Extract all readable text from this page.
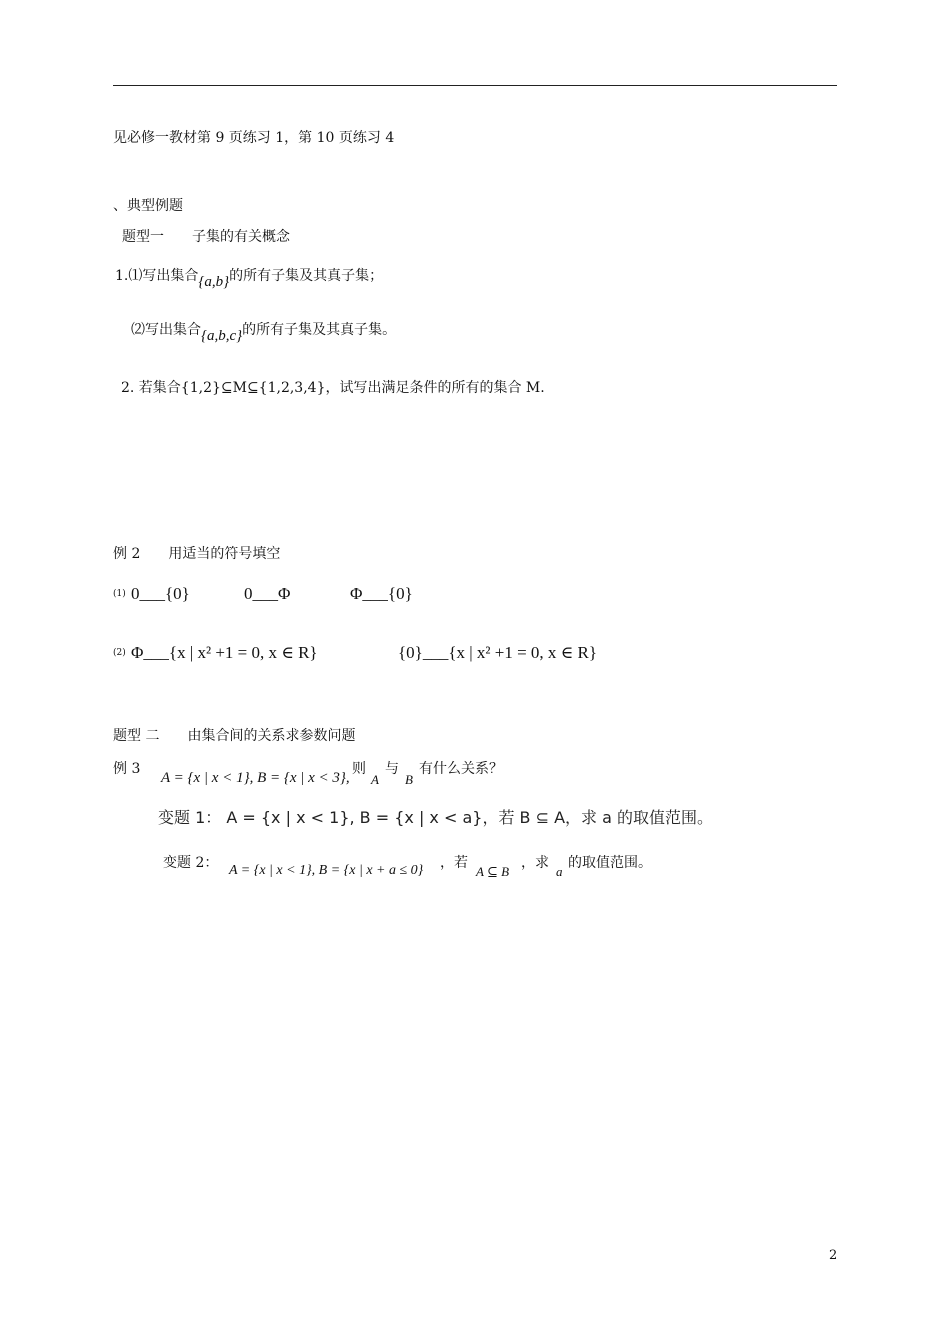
见必修一教材第 9 页练习 1，第 10 页练习 4
、典型例题
题型一　　子集的有关概念
1.⑴写出集合{a,b}的所有子集及其真子集；
⑵写出集合{a,b,c}的所有子集及其真子集。
2. 若集合{1,2}⊆M⊆{1,2,3,4}，试写出满足条件的所有的集合 M.
例 2　　用适当的符号填空
$^{(1)}$ 0___{0}	0___Φ	Φ___{0}
$^{(2)}$ Φ___{x | x² +1 = 0, x ∈ R}	{0}___{x | x² +1 = 0, x ∈ R}
题型 二　　由集合间的关系求参数问题
例 3
A = {x | x < 1}, B = {x | x < 3},
则
A
与
B
有什么关系？
变题 1： A = {x | x < 1}, B = {x | x < a}，若 B ⊆ A，求 a 的取值范围。
变题 2： A = {x | x < 1}, B = {x | x + a ≤ 0} ，若
A ⊆ B
，求
a
的取值范围。
2
